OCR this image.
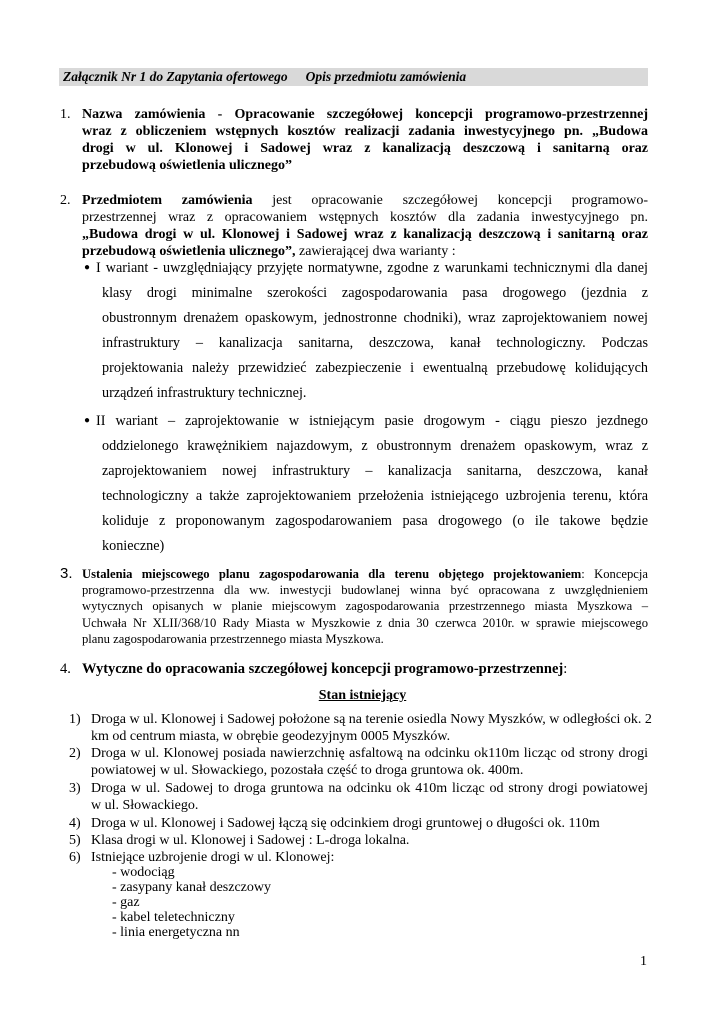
Załącznik Nr 1 do Zapytania ofertowego Opis przedmiotu zamówienia
1. Nazwa zamówienia - Opracowanie szczegółowej koncepcji programowo-przestrzennej
wraz z obliczeniem wstępnych kosztów realizacji zadania inwestycyjnego pn. „Budowa
drogi w ul. Klonowej i Sadowej wraz z kanalizacją deszczową i sanitarną oraz
przebudową oświetlenia ulicznego”
2. Przedmiotem zamówienia jest opracowanie szczegółowej koncepcji programowo-
przestrzennej wraz z opracowaniem wstępnych kosztów dla zadania inwestycyjnego pn.
„Budowa drogi w ul. Klonowej i Sadowej wraz z kanalizacją deszczową i sanitarną oraz
przebudową oświetlenia ulicznego”, zawierającej dwa warianty :
● I wariant - uwzględniający przyjęte normatywne, zgodne z warunkami technicznymi dla danej
klasy drogi minimalne szerokości zagospodarowania pasa drogowego (jezdnia z
obustronnym drenażem opaskowym, jednostronne chodniki), wraz zaprojektowaniem nowej
infrastruktury – kanalizacja sanitarna, deszczowa, kanał technologiczny. Podczas
projektowania należy przewidzieć zabezpieczenie i ewentualną przebudowę kolidujących
urządzeń infrastruktury technicznej.
● II wariant – zaprojektowanie w istniejącym pasie drogowym - ciągu pieszo jezdnego
oddzielonego krawężnikiem najazdowym, z obustronnym drenażem opaskowym, wraz z
zaprojektowaniem nowej infrastruktury – kanalizacja sanitarna, deszczowa, kanał
technologiczny a także zaprojektowaniem przełożenia istniejącego uzbrojenia terenu, która
koliduje z proponowanym zagospodarowaniem pasa drogowego (o ile takowe będzie
konieczne)
3. Ustalenia miejscowego planu zagospodarowania dla terenu objętego projektowaniem: Koncepcja
programowo-przestrzenna dla ww. inwestycji budowlanej winna być opracowana z uwzględnieniem
wytycznych opisanych w planie miejscowym zagospodarowania przestrzennego miasta Myszkowa –
Uchwała Nr XLII/368/10 Rady Miasta w Myszkowie z dnia 30 czerwca 2010r. w sprawie miejscowego
planu zagospodarowania przestrzennego miasta Myszkowa.
4. Wytyczne do opracowania szczegółowej koncepcji programowo-przestrzennej:
Stan istniejący
1) Droga w ul. Klonowej i Sadowej położone są na terenie osiedla Nowy Myszków, w odległości ok. 2
km od centrum miasta, w obrębie geodezyjnym 0005 Myszków.
2) Droga w ul. Klonowej posiada nawierzchnię asfaltową na odcinku ok110m licząc od strony drogi
powiatowej w ul. Słowackiego, pozostała część to droga gruntowa ok. 400m.
3) Droga w ul. Sadowej to droga gruntowa na odcinku ok 410m licząc od strony drogi powiatowej
w ul. Słowackiego.
4) Droga w ul. Klonowej i Sadowej łączą się odcinkiem drogi gruntowej o długości ok. 110m
5) Klasa drogi w ul. Klonowej i Sadowej : L-droga lokalna.
6) Istniejące uzbrojenie drogi w ul. Klonowej:
- wodociąg
- zasypany kanał deszczowy
- gaz
- kabel teletechniczny
- linia energetyczna nn
1
